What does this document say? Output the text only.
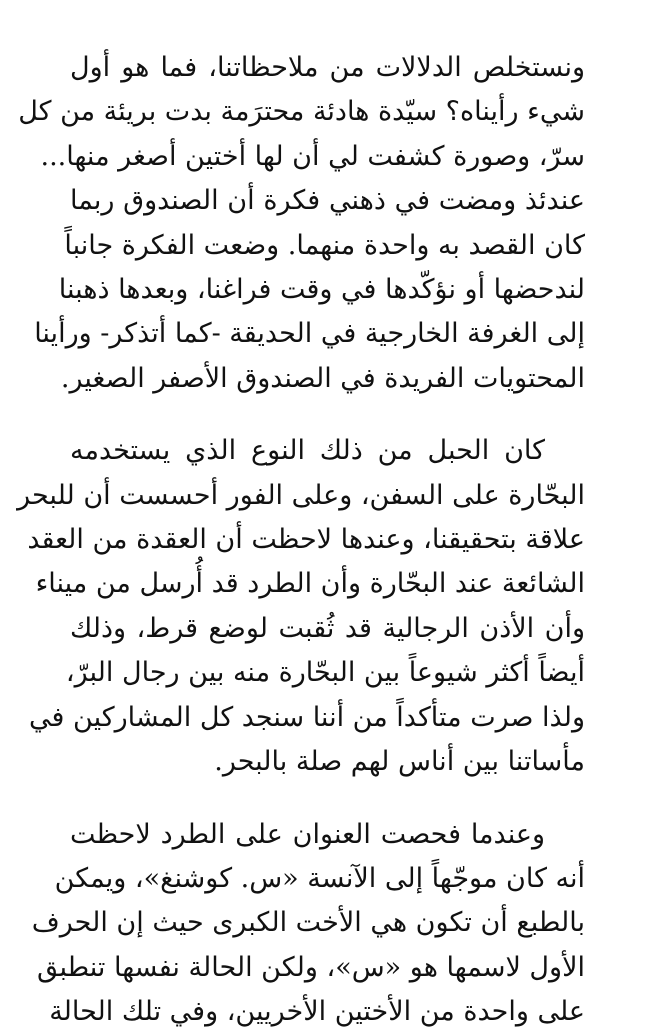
ونستخلص الدلالات من ملاحظاتنا، فما هو أول
شيء رأيناه؟ سيّدة هادئة محترَمة بدت بريئة من كل
سرّ، وصورة كشفت لي أن لها أختين أصغر منها...
عندئذ ومضت في ذهني فكرة أن الصندوق ربما
كان القصد به واحدة منهما. وضعت الفكرة جانباً
لندحضها أو نؤكّدها في وقت فراغنا، وبعدها ذهبنا
إلى الغرفة الخارجية في الحديقة -كما أتذكر- ورأينا
المحتويات الفريدة في الصندوق الأصفر الصغير.

كان الحبل من ذلك النوع الذي يستخدمه
البحّارة على السفن، وعلى الفور أحسست أن للبحر
علاقة بتحقيقنا، وعندها لاحظت أن العقدة من العقد
الشائعة عند البحّارة وأن الطرد قد أُرسل من ميناء
وأن الأذن الرجالية قد ثُقبت لوضع قرط، وذلك
أيضاً أكثر شيوعاً بين البحّارة منه بين رجال البرّ،
ولذا صرت متأكداً من أننا سنجد كل المشاركين في
مأساتنا بين أناس لهم صلة بالبحر.

وعندما فحصت العنوان على الطرد لاحظت
أنه كان موجّهاً إلى الآنسة «س. كوشنغ»، ويمكن
بالطبع أن تكون هي الأخت الكبرى حيث إن الحرف
الأول لاسمها هو «س»، ولكن الحالة نفسها تنطبق
على واحدة من الأختين الأخريين، وفي تلك الحالة
